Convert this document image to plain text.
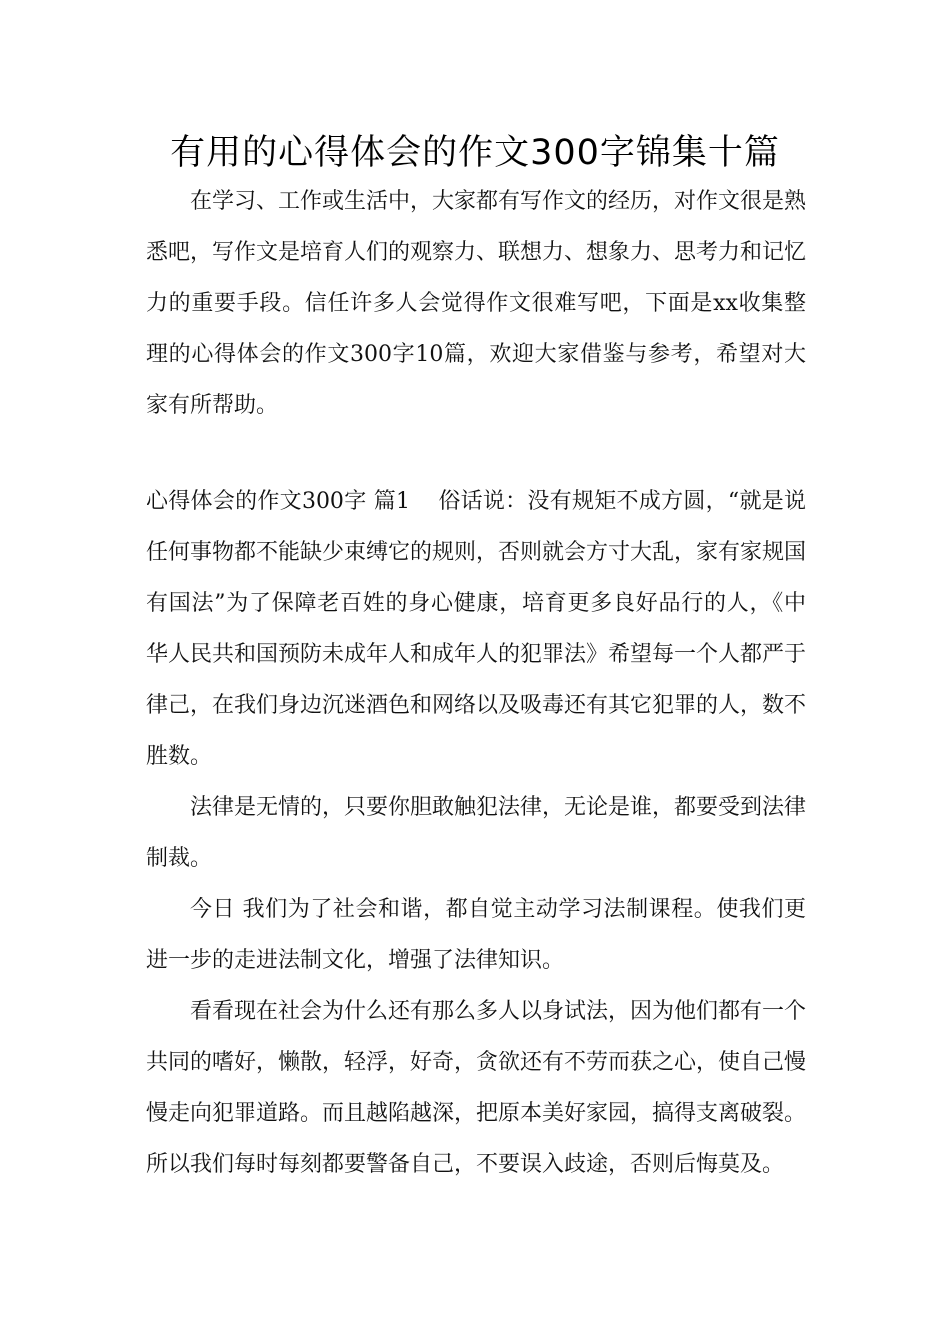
有用的心得体会的作文300字锦集十篇

在学习、工作或生活中，大家都有写作文的经历，对作文很是熟悉吧，写作文是培育人们的观察力、联想力、想象力、思考力和记忆力的重要手段。信任许多人会觉得作文很难写吧，下面是xx收集整理的心得体会的作文300字10篇，欢迎大家借鉴与参考，希望对大家有所帮助。

心得体会的作文300字 篇1 俗话说：没有规矩不成方圆，“就是说任何事物都不能缺少束缚它的规则，否则就会方寸大乱，家有家规国有国法”为了保障老百姓的身心健康，培育更多良好品行的人，《中华人民共和国预防未成年人和成年人的犯罪法》希望每一个人都严于律己，在我们身边沉迷酒色和网络以及吸毒还有其它犯罪的人，数不胜数。

法律是无情的，只要你胆敢触犯法律，无论是谁，都要受到法律制裁。

今日 我们为了社会和谐，都自觉主动学习法制课程。使我们更进一步的走进法制文化，增强了法律知识。

看看现在社会为什么还有那么多人以身试法，因为他们都有一个共同的嗜好，懒散，轻浮，好奇，贪欲还有不劳而获之心，使自己慢慢走向犯罪道路。而且越陷越深，把原本美好家园，搞得支离破裂。所以我们每时每刻都要警备自己，不要误入歧途，否则后悔莫及。
